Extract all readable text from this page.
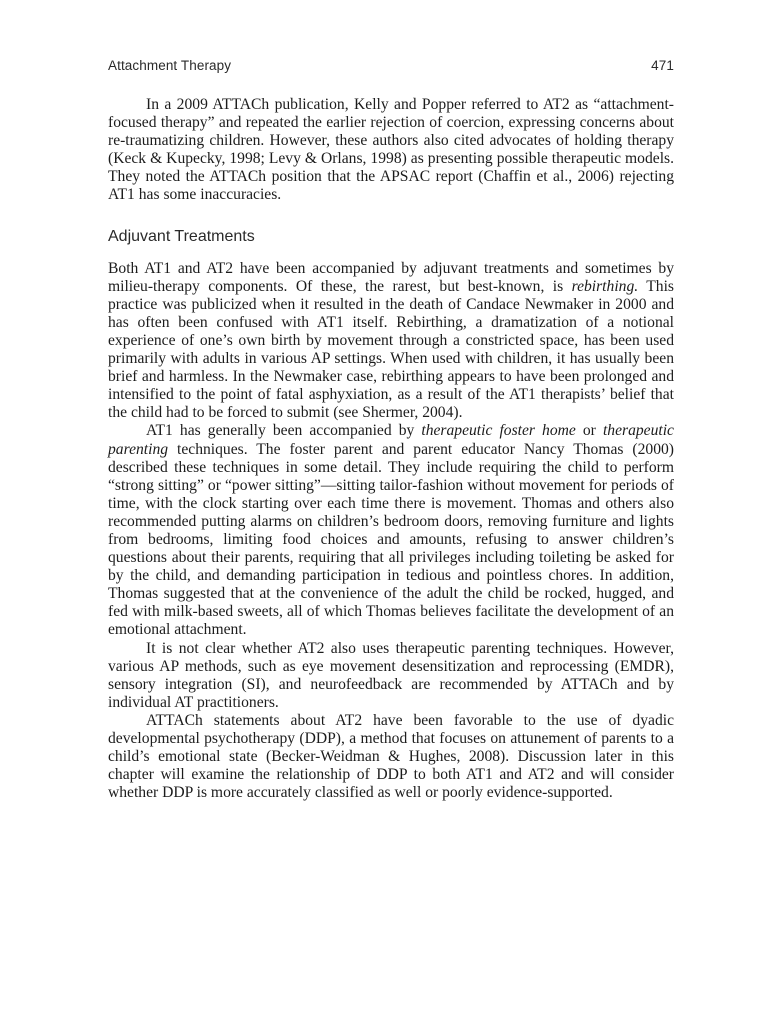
Attachment Therapy	471

In a 2009 ATTACh publication, Kelly and Popper referred to AT2 as “attachment-focused therapy” and repeated the earlier rejection of coercion, expressing concerns about re-traumatizing children. However, these authors also cited advocates of holding therapy (Keck & Kupecky, 1998; Levy & Orlans, 1998) as presenting possible therapeutic models. They noted the ATTACh position that the APSAC report (Chaffin et al., 2006) rejecting AT1 has some inaccuracies.

Adjuvant Treatments

Both AT1 and AT2 have been accompanied by adjuvant treatments and sometimes by milieu-therapy components. Of these, the rarest, but best-known, is rebirthing. This practice was publicized when it resulted in the death of Candace Newmaker in 2000 and has often been confused with AT1 itself. Rebirthing, a dramatization of a notional experience of one’s own birth by movement through a constricted space, has been used primarily with adults in various AP settings. When used with children, it has usually been brief and harmless. In the Newmaker case, rebirthing appears to have been prolonged and intensified to the point of fatal asphyxiation, as a result of the AT1 therapists’ belief that the child had to be forced to submit (see Shermer, 2004).

AT1 has generally been accompanied by therapeutic foster home or therapeutic parenting techniques. The foster parent and parent educator Nancy Thomas (2000) described these techniques in some detail. They include requiring the child to perform “strong sitting” or “power sitting”—sitting tailor-fashion without movement for periods of time, with the clock starting over each time there is movement. Thomas and others also recommended putting alarms on children’s bedroom doors, removing furniture and lights from bedrooms, limiting food choices and amounts, refusing to answer children’s questions about their parents, requiring that all privileges including toileting be asked for by the child, and demanding participation in tedious and pointless chores. In addition, Thomas suggested that at the convenience of the adult the child be rocked, hugged, and fed with milk-based sweets, all of which Thomas believes facilitate the development of an emotional attachment.

It is not clear whether AT2 also uses therapeutic parenting techniques. However, various AP methods, such as eye movement desensitization and reprocessing (EMDR), sensory integration (SI), and neurofeedback are recommended by ATTACh and by individual AT practitioners.

ATTACh statements about AT2 have been favorable to the use of dyadic developmental psychotherapy (DDP), a method that focuses on attunement of parents to a child’s emotional state (Becker-Weidman & Hughes, 2008). Discussion later in this chapter will examine the relationship of DDP to both AT1 and AT2 and will consider whether DDP is more accurately classified as well or poorly evidence-supported.
